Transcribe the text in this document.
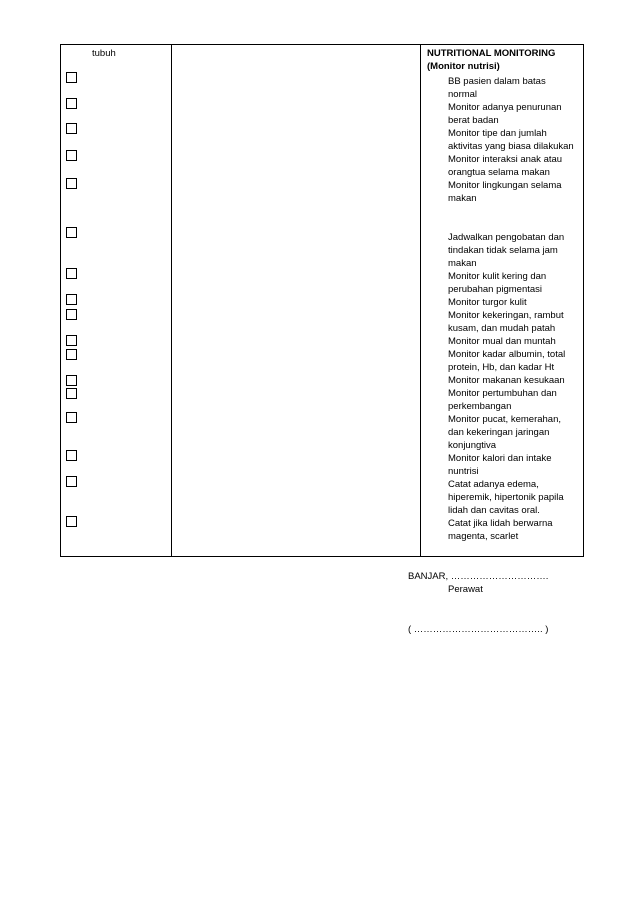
tubuh	NUTRITIONAL MONITORING
(Monitor nutrisi)
BB pasien dalam batas
normal
Monitor adanya penurunan
berat badan
Monitor tipe dan jumlah
aktivitas yang biasa dilakukan
Monitor interaksi anak atau
orangtua selama makan
Monitor lingkungan selama
makan
Jadwalkan pengobatan dan
tindakan tidak selama jam
makan
Monitor kulit kering dan
perubahan pigmentasi
Monitor turgor kulit
Monitor kekeringan, rambut
kusam, dan mudah patah
Monitor mual dan muntah
Monitor kadar albumin, total
protein, Hb, dan kadar Ht
Monitor makanan kesukaan
Monitor pertumbuhan dan
perkembangan
Monitor pucat, kemerahan,
dan kekeringan jaringan
konjungtiva
Monitor kalori dan intake
nuntrisi
Catat adanya edema,
hiperemik, hipertonik papila
lidah dan cavitas oral.
Catat jika lidah berwarna
magenta, scarlet
BANJAR, ………………………….
Perawat
( ………………………………….. )
